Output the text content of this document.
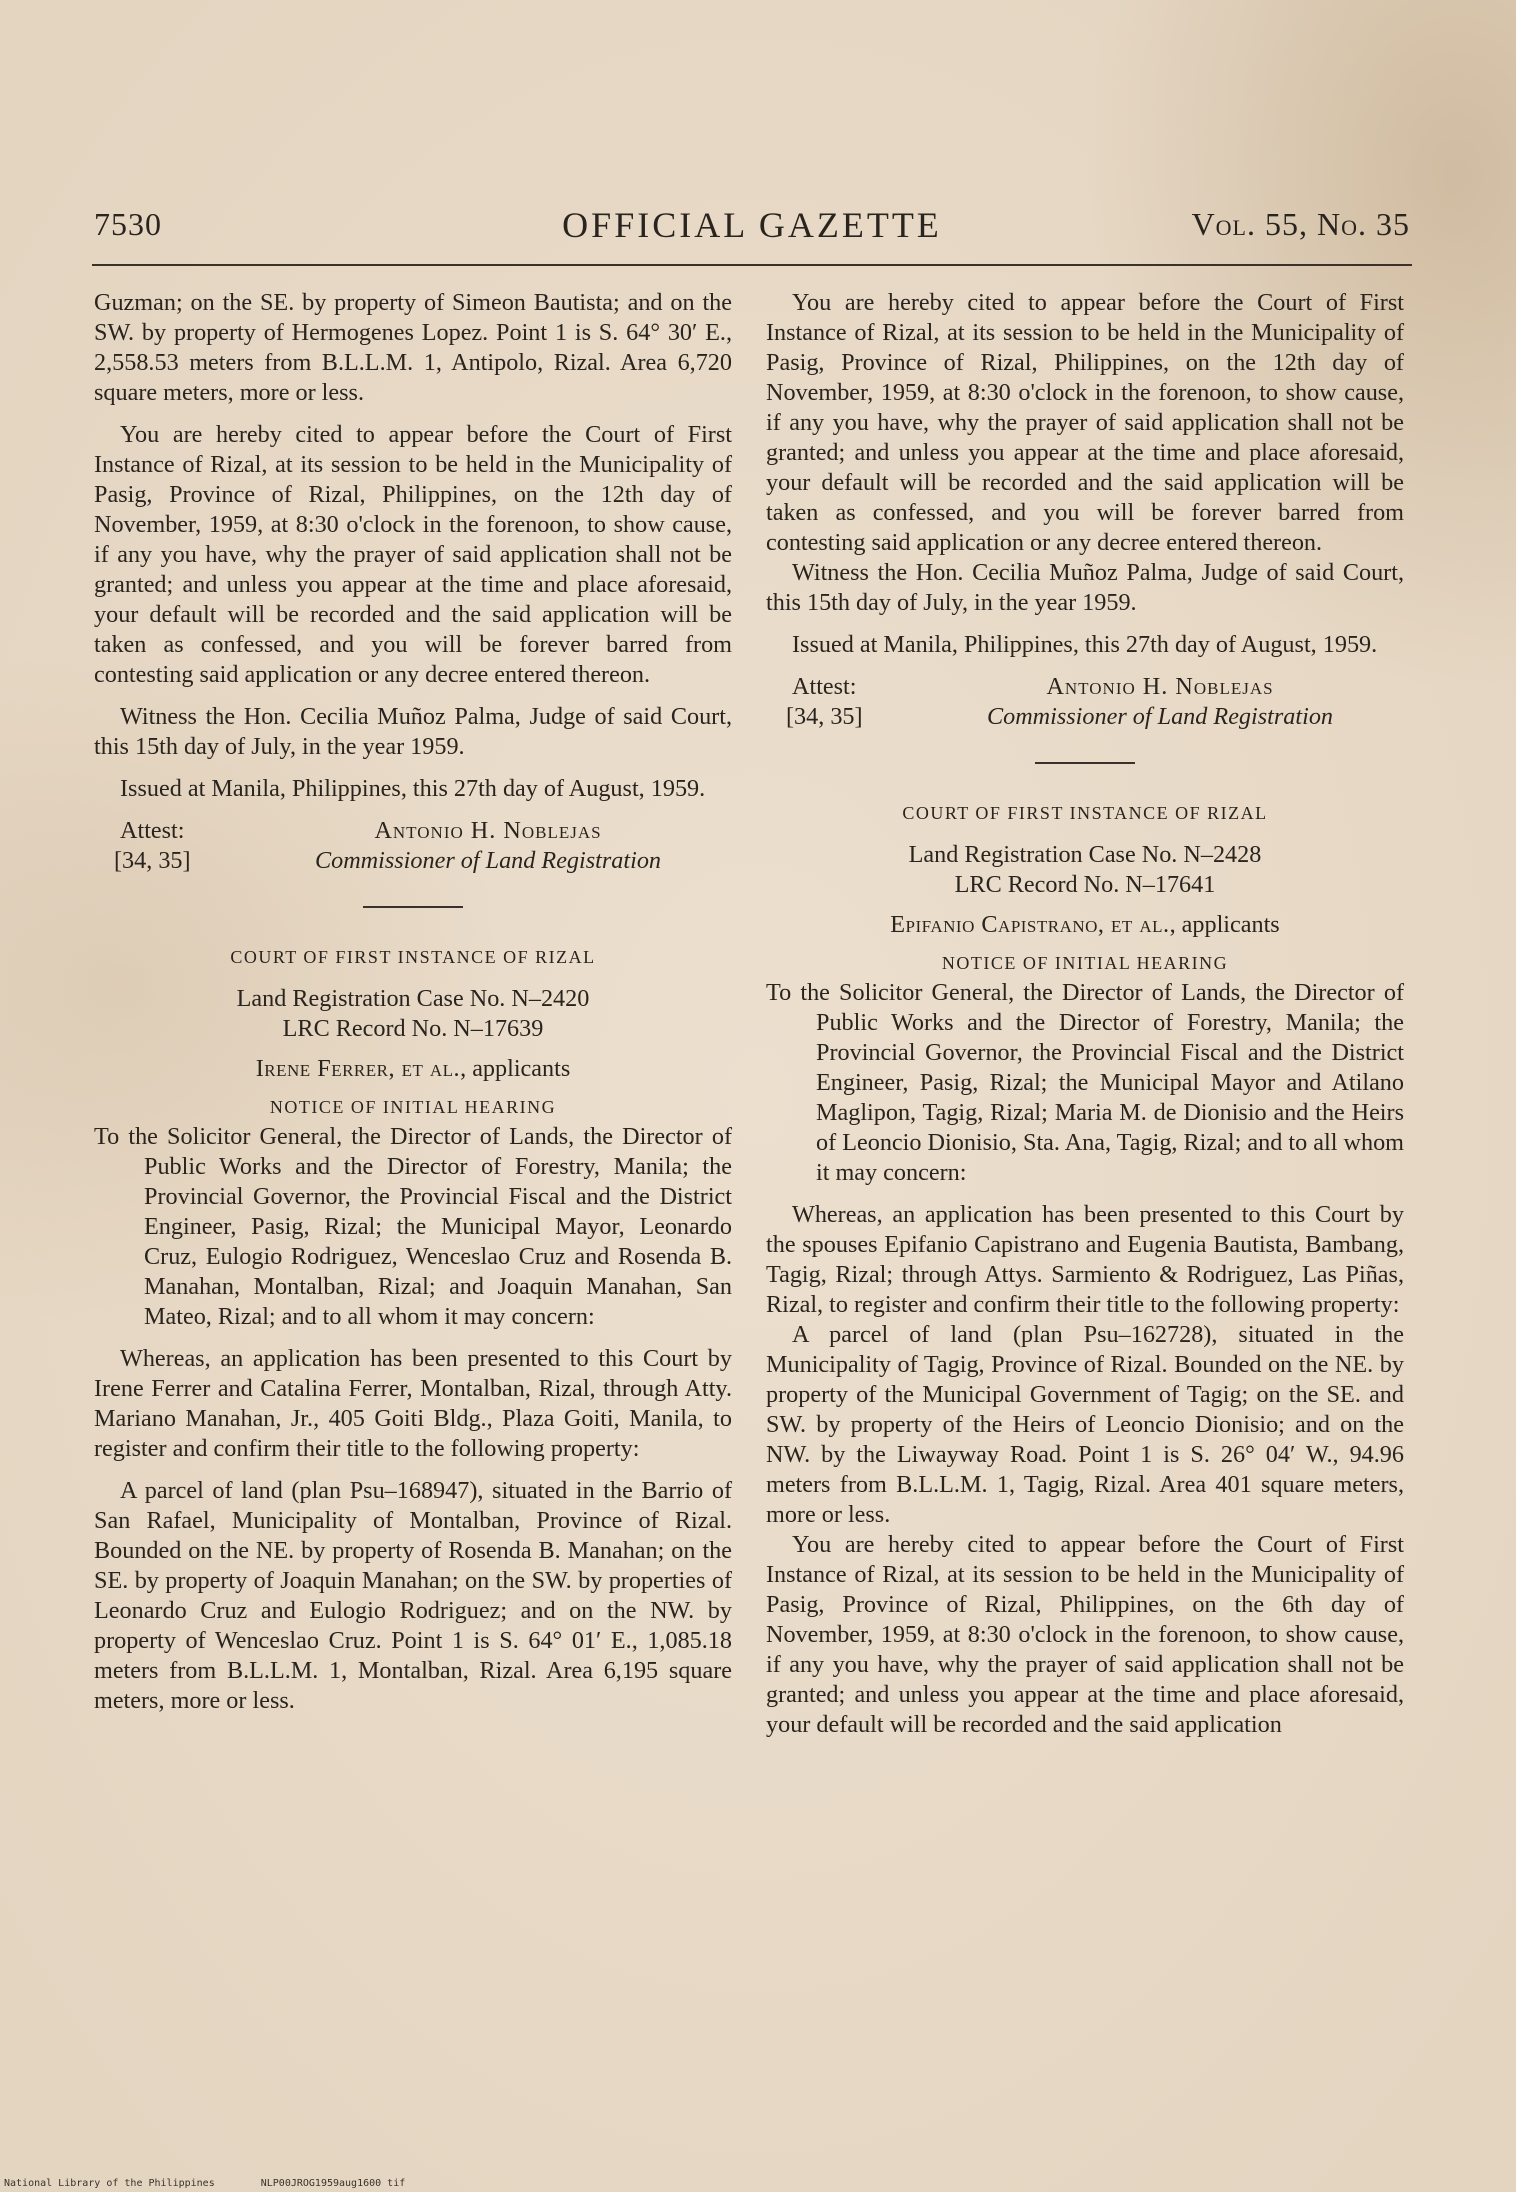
7530	OFFICIAL GAZETTE	Vol. 55, No. 35

Guzman; on the SE. by property of Simeon Bautista; and on the SW. by property of Hermogenes Lopez. Point 1 is S. 64° 30′ E., 2,558.53 meters from B.L.L.M. 1, Antipolo, Rizal. Area 6,720 square meters, more or less.

You are hereby cited to appear before the Court of First Instance of Rizal, at its session to be held in the Municipality of Pasig, Province of Rizal, Philippines, on the 12th day of November, 1959, at 8:30 o'clock in the forenoon, to show cause, if any you have, why the prayer of said application shall not be granted; and unless you appear at the time and place aforesaid, your default will be recorded and the said application will be taken as confessed, and you will be forever barred from contesting said application or any decree entered thereon.

Witness the Hon. Cecilia Muñoz Palma, Judge of said Court, this 15th day of July, in the year 1959.

Issued at Manila, Philippines, this 27th day of August, 1959.

Attest:
[34, 35]
Antonio H. Noblejas
Commissioner of Land Registration
COURT OF FIRST INSTANCE OF RIZAL
Land Registration Case No. N–2420
LRC Record No. N–17639
Irene Ferrer, et al., applicants
NOTICE OF INITIAL HEARING

To the Solicitor General, the Director of Lands, the Director of Public Works and the Director of Forestry, Manila; the Provincial Governor, the Provincial Fiscal and the District Engineer, Pasig, Rizal; the Municipal Mayor, Leonardo Cruz, Eulogio Rodriguez, Wenceslao Cruz and Rosenda B. Manahan, Montalban, Rizal; and Joaquin Manahan, San Mateo, Rizal; and to all whom it may concern:

Whereas, an application has been presented to this Court by Irene Ferrer and Catalina Ferrer, Montalban, Rizal, through Atty. Mariano Manahan, Jr., 405 Goiti Bldg., Plaza Goiti, Manila, to register and confirm their title to the following property:

A parcel of land (plan Psu–168947), situated in the Barrio of San Rafael, Municipality of Montalban, Province of Rizal. Bounded on the NE. by property of Rosenda B. Manahan; on the SE. by property of Joaquin Manahan; on the SW. by properties of Leonardo Cruz and Eulogio Rodriguez; and on the NW. by property of Wenceslao Cruz. Point 1 is S. 64° 01′ E., 1,085.18 meters from B.L.L.M. 1, Montalban, Rizal. Area 6,195 square meters, more or less.

You are hereby cited to appear before the Court of First Instance of Rizal, at its session to be held in the Municipality of Pasig, Province of Rizal, Philippines, on the 12th day of November, 1959, at 8:30 o'clock in the forenoon, to show cause, if any you have, why the prayer of said application shall not be granted; and unless you appear at the time and place aforesaid, your default will be recorded and the said application will be taken as confessed, and you will be forever barred from contesting said application or any decree entered thereon.

Witness the Hon. Cecilia Muñoz Palma, Judge of said Court, this 15th day of July, in the year 1959.

Issued at Manila, Philippines, this 27th day of August, 1959.

Attest:
[34, 35]
Antonio H. Noblejas
Commissioner of Land Registration
COURT OF FIRST INSTANCE OF RIZAL
Land Registration Case No. N–2428
LRC Record No. N–17641
Epifanio Capistrano, et al., applicants
NOTICE OF INITIAL HEARING

To the Solicitor General, the Director of Lands, the Director of Public Works and the Director of Forestry, Manila; the Provincial Governor, the Provincial Fiscal and the District Engineer, Pasig, Rizal; the Municipal Mayor and Atilano Maglipon, Tagig, Rizal; Maria M. de Dionisio and the Heirs of Leoncio Dionisio, Sta. Ana, Tagig, Rizal; and to all whom it may concern:

Whereas, an application has been presented to this Court by the spouses Epifanio Capistrano and Eugenia Bautista, Bambang, Tagig, Rizal; through Attys. Sarmiento & Rodriguez, Las Piñas, Rizal, to register and confirm their title to the following property:

A parcel of land (plan Psu–162728), situated in the Municipality of Tagig, Province of Rizal. Bounded on the NE. by property of the Municipal Government of Tagig; on the SE. and SW. by property of the Heirs of Leoncio Dionisio; and on the NW. by the Liwayway Road. Point 1 is S. 26° 04′ W., 94.96 meters from B.L.L.M. 1, Tagig, Rizal. Area 401 square meters, more or less.

You are hereby cited to appear before the Court of First Instance of Rizal, at its session to be held in the Municipality of Pasig, Province of Rizal, Philippines, on the 6th day of November, 1959, at 8:30 o'clock in the forenoon, to show cause, if any you have, why the prayer of said application shall not be granted; and unless you appear at the time and place aforesaid, your default will be recorded and the said application

National Library of the Philippines	NLP00JROG1959aug1600 tif
